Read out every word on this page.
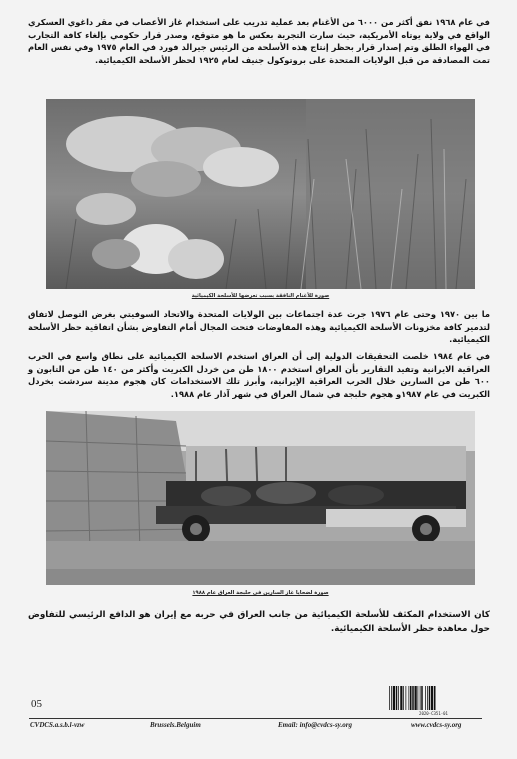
في عام ١٩٦٨ نفق أكثر من ٦٠٠٠ من الأغنام بعد عملية تدريب على استخدام غاز الأعصاب في مقر داغوي العسكري الواقع في ولاية يوتاه الأمريكية، حيث سارت التجربة بعكس ما هو متوقع، وصدر قرار حكومي بإلغاء كافة التجارب في الهواء الطلق وتم إصدار قرار بحظر إنتاج هذه الأسلحة من الرئيس جيرالد فورد في العام ١٩٧٥ وفي نفس العام تمت المصادقة من قبل الولايات المتحدة على بروتوكول جنيف لعام ١٩٢٥ لحظر الأسلحة الكيميائية.

صورة للأغنام النافقة بسبب تعرضها للأسلحة الكيميائية

ما بين ١٩٧٠ وحتى عام ١٩٧٦ جرت عدة اجتماعات بين الولايات المتحدة والاتحاد السوفيتي بغرض التوصل لاتفاق لتدمير كافة مخزونات الأسلحة الكيميائية وهذه المفاوضات فتحت المجال أمام التفاوض بشأن اتفاقية حظر الأسلحة الكيميائية.

في عام ١٩٨٤ خلصت التحقيقات الدولية إلى أن العراق استخدم الاسلحة الكيميائية على نطاق واسع في الحرب العراقية الايرانية وتفيد التقارير بأن العراق استخدم ١٨٠٠ طن من خردل الكبريت وأكثر من ١٤٠ طن من التابون و ٦٠٠ طن من السارين خلال الحرب العراقية الإيرانية، وأبرز تلك الاستخدامات كان هجوم مدينة سردشت بخردل الكبريت في عام ١٩٨٧و هجوم حلبجة في شمال العراق في شهر آذار عام ١٩٨٨.

صورة لضحايا غاز السارين في حلبجة العراق عام ١٩٨٨

كان الاستخدام المكثف للأسلحة الكيميائية من جانب العراق في حربه مع إيران هو الدافع الرئيسي للتفاوض حول معاهدة حظر الأسلحة الكيميائية.

05
2020-C351-01
CVDCS.a.s.b.l-vzw	Brussels.Belguim	Email: info@cvdcs-sy.org	www.cvdcs-sy.org
